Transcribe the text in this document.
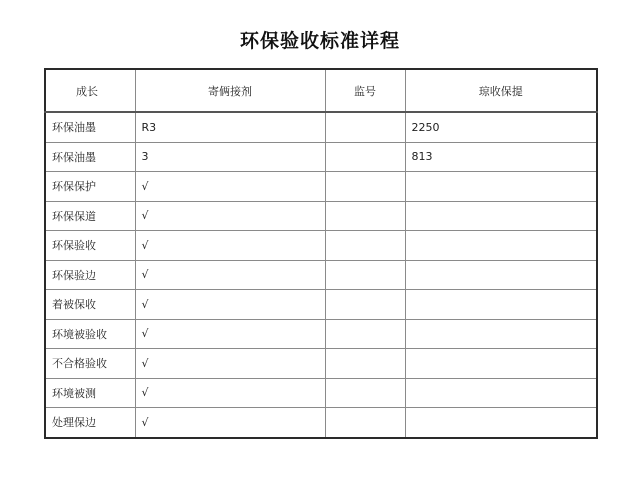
环保验收标准详程
成长	寄俩接剂	监号	琼收保提
环保油墨	R3		2250
环保油墨	3		813
环保保护	√		
环保保道	√		
环保验收	√		
环保验边	√		
着被保收	√		
环境被验收	√		
不合格验收	√		
环境被测	√		
处理保边	√		
